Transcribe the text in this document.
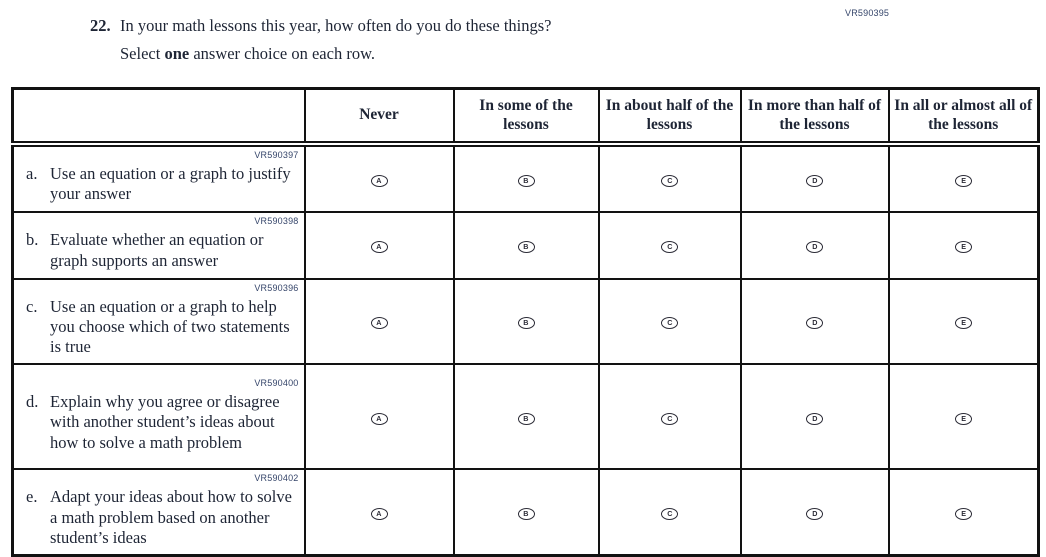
VR590395
22. In your math lessons this year, how often do you do these things?
Select one answer choice on each row.
	Never	In some of the lessons	In about half of the lessons	In more than half of the lessons	In all or almost all of the lessons

VR590397
a. Use an equation or a graph to justify your answer	A	B	C	D	E

VR590398
b. Evaluate whether an equation or graph supports an answer	A	B	C	D	E

VR590396
c. Use an equation or a graph to help you choose which of two statements is true	A	B	C	D	E

VR590400
d. Explain why you agree or disagree with another student’s ideas about how to solve a math problem	A	B	C	D	E

VR590402
e. Adapt your ideas about how to solve a math problem based on another student’s ideas	A	B	C	D	E
